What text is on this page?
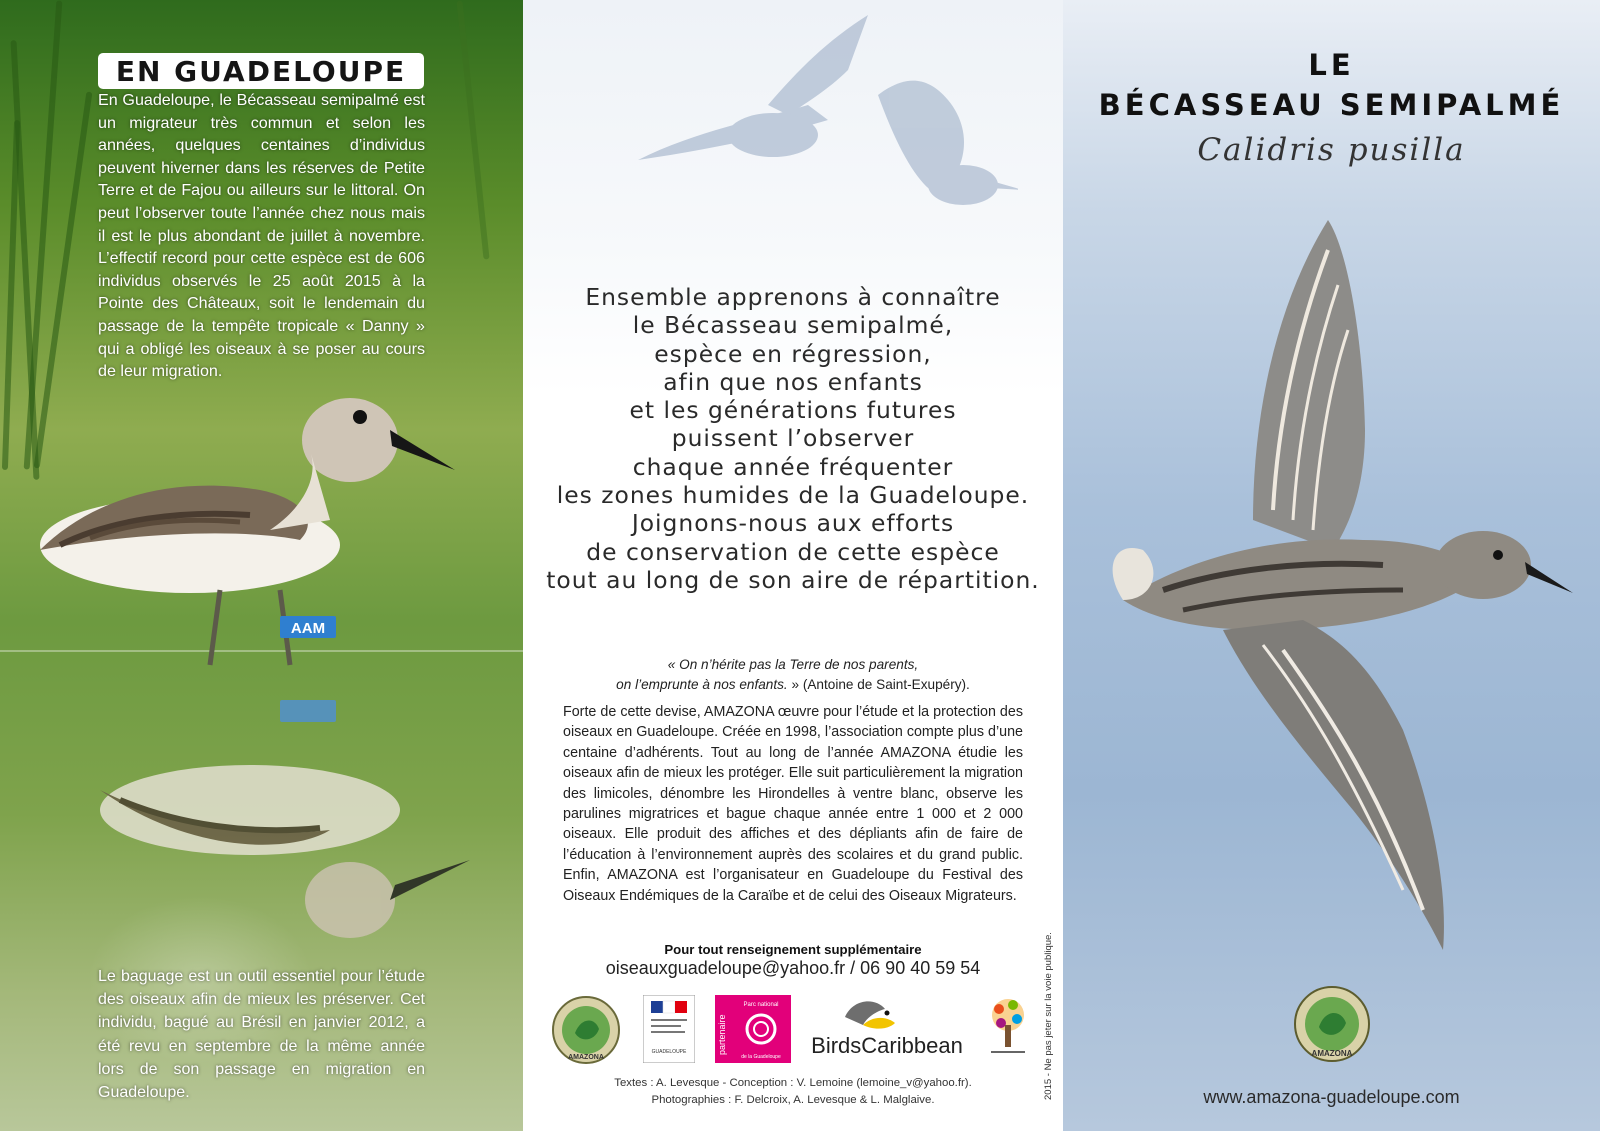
EN GUADELOUPE

En Guadeloupe, le Bécasseau semipalmé est un migrateur très commun et selon les années, quelques centaines d’individus peuvent hiverner dans les réserves de Petite Terre et de Fajou ou ailleurs sur le littoral. On peut l’observer toute l’année chez nous mais il est le plus abondant de juillet à novembre. L’effectif record pour cette espèce est de 606 individus observés le 25 août 2015 à la Pointe des Châteaux, soit le lendemain du passage de la tempête tropicale « Danny » qui a obligé les oiseaux à se poser au cours de leur migration.

AAM

Le baguage est un outil essentiel pour l’étude des oiseaux afin de mieux les préserver. Cet individu, bagué au Brésil en janvier 2012, a été revu en septembre de la même année lors de son passage en migration en Guadeloupe.

Ensemble apprenons à connaître
le Bécasseau semipalmé,
espèce en régression,
afin que nos enfants
et les générations futures
puissent l’observer
chaque année fréquenter
les zones humides de la Guadeloupe.
Joignons-nous aux efforts
de conservation de cette espèce
tout au long de son aire de répartition.
« On n’hérite pas la Terre de nos parents,
on l’emprunte à nos enfants. » (Antoine de Saint-Exupéry).

Forte de cette devise, AMAZONA œuvre pour l’étude et la protection des oiseaux en Guadeloupe. Créée en 1998, l’association compte plus d’une centaine d’adhérents. Tout au long de l’année AMAZONA étudie les oiseaux afin de mieux les protéger. Elle suit particulièrement la migration des limicoles, dénombre les Hirondelles à ventre blanc, observe les parulines migratrices et bague chaque année entre 1 000 et 2 000 oiseaux. Elle produit des affiches et des dépliants afin de faire de l’éducation à l’environnement auprès des scolaires et du grand public. Enfin, AMAZONA est l’organisateur en Guadeloupe du Festival des Oiseaux Endémiques de la Caraïbe et de celui des Oiseaux Migrateurs.

Pour tout renseignement supplémentaire
oiseauxguadeloupe@yahoo.fr / 06 90 40 59 54
AMAZONA
GUADELOUPE	partenaire
Parc national
de la Guadeloupe BirdsCaribbean
Textes : A. Levesque - Conception : V. Lemoine (lemoine_v@yahoo.fr).
Photographies : F. Delcroix, A. Levesque & L. Malglaive.	2015 - Ne pas jeter sur la voie publique.
LE
BÉCASSEAU SEMIPALMÉ
Calidris pusilla
AMAZONA
www.amazona-guadeloupe.com
